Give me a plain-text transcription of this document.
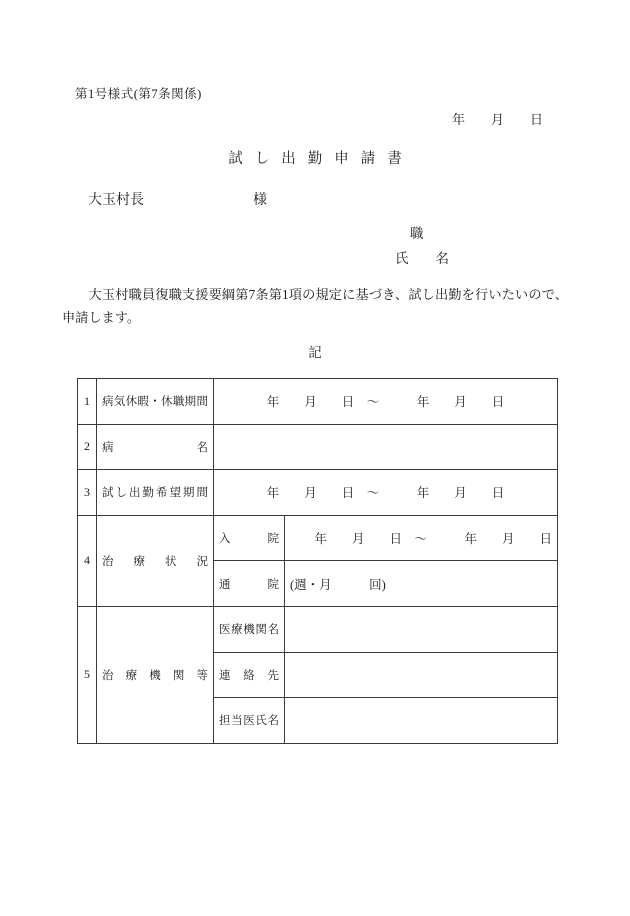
第1号様式(第7条関係)
年　　月　　日
試し出勤申請書
大玉村長	様
職
氏　　名
　大玉村職員復職支援要綱第7条第1項の規定に基づき、試し出勤を行いたいので、申請します。
記
1	病気休暇・休職期間	年　　月　　日　～　　　年　　月　　日	
2	病名		
3	試し出勤希望期間	年　　月　　日　～　　　年　　月　　日	
4	治療状況	入院	年　　月　　日　～　　　年　　月　　日
		通院	(週・月　　　回)
5	治療機関等	医療機関名	
		連絡先	
		担当医氏名	
